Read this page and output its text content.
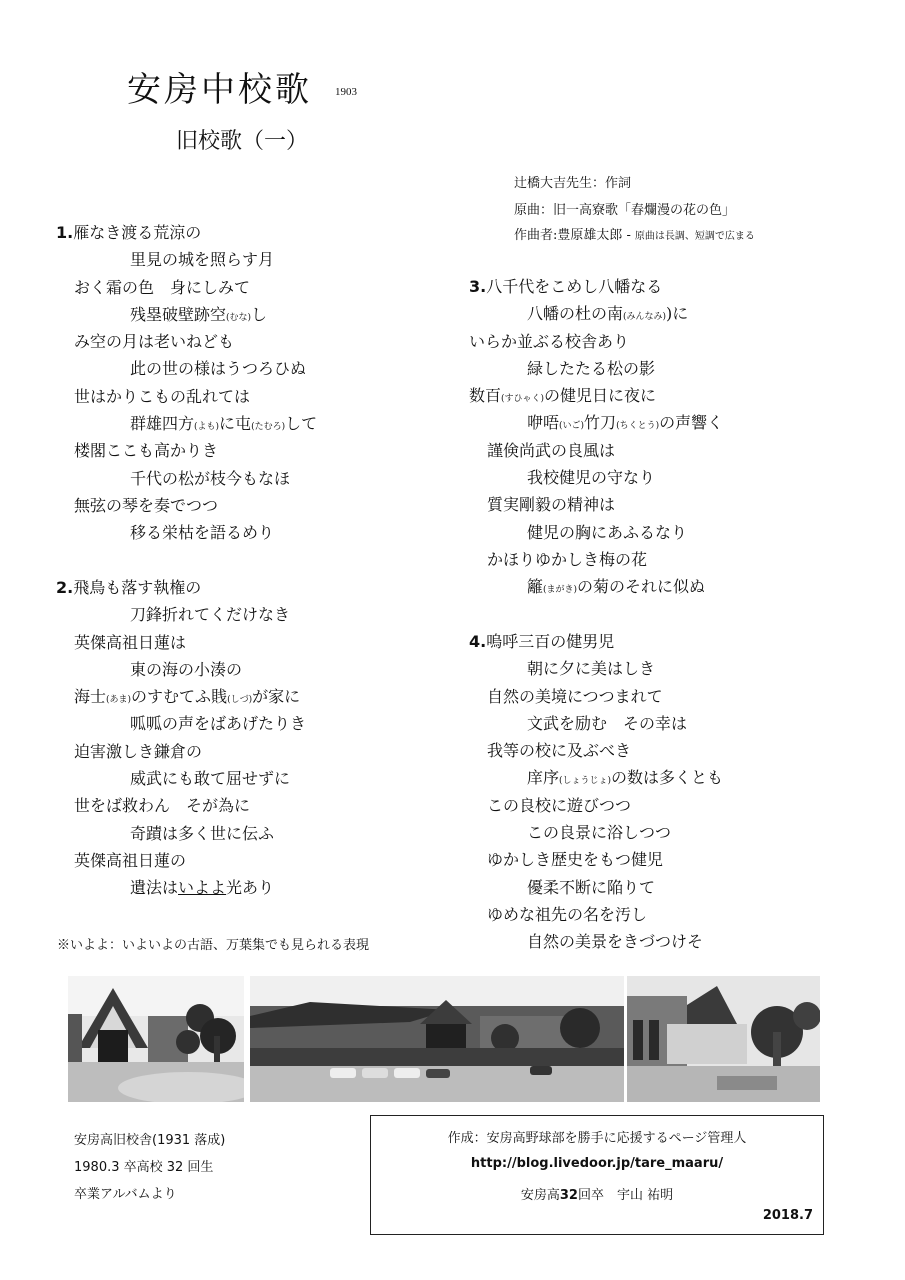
安房中校歌 1903
旧校歌（一）
辻橋大吉先生：作詞
原曲：旧一高寮歌「春爛漫の花の色」
作曲者:豊原雄太郎 - 原曲は長調、短調で広まる
1.雁なき渡る荒涼の
里見の城を照らす月
おく霜の色　身にしみて
残塁破壁跡空(むな)し
み空の月は老いねども
此の世の様はうつろひぬ
世はかりこもの乱れては
群雄四方(よも)に屯(たむろ)して
楼閣ここも高かりき
千代の松が枝今もなほ
無弦の琴を奏でつつ
移る栄枯を語るめり
2.飛鳥も落す執権の
刀鋒折れてくだけなき
英傑高祖日蓮は
東の海の小湊の
海士(あま)のすむてふ賎(しづ)が家に
呱呱の声をばあげたりき
迫害激しき鎌倉の
威武にも敢て屈せずに
世をば救わん　そが為に
奇蹟は多く世に伝ふ
英傑高祖日蓮の
遺法はいよよ光あり
3.八千代をこめし八幡なる
八幡の杜の南(みんなみ))に
いらか並ぶる校舎あり
緑したたる松の影
数百(すひゃく)の健児日に夜に
咿唔(いご)竹刀(ちくとう)の声響く
謹倹尚武の良風は
我校健児の守なり
質実剛毅の精神は
健児の胸にあふるなり
かほりゆかしき梅の花
籬(まがき)の菊のそれに似ぬ
4.嗚呼三百の健男児
朝に夕に美はしき
自然の美境につつまれて
文武を励む　その幸は
我等の校に及ぶべき
庠序(しょうじょ)の数は多くとも
この良校に遊びつつ
この良景に浴しつつ
ゆかしき歴史をもつ健児
優柔不断に陥りて
ゆめな祖先の名を汚し
自然の美景をきづつけそ
※いよよ：いよいよの古語、万葉集でも見られる表現
安房高旧校舎(1931 落成)
1980.3 卒高校 32 回生
卒業アルバムより
作成：安房高野球部を勝手に応援するページ管理人
http://blog.livedoor.jp/tare_maaru/
安房高32回卒　宇山 祐明
2018.7
